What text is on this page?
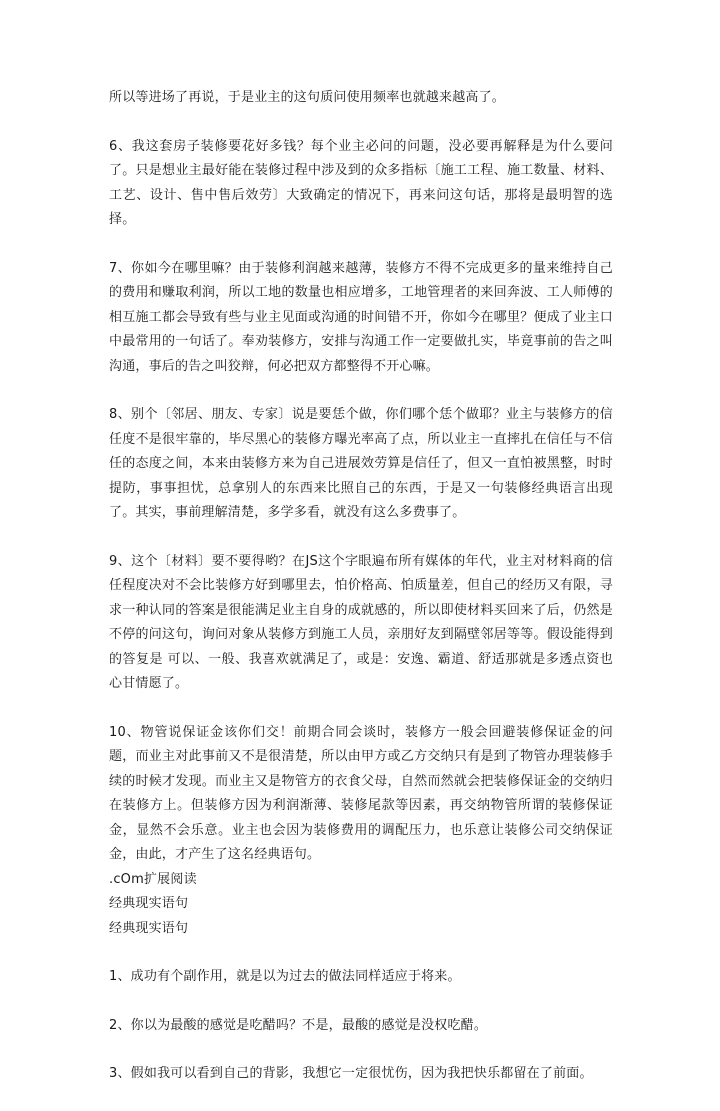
所以等进场了再说，于是业主的这句质问使用频率也就越来越高了。

6、我这套房子装修要花好多钱？每个业主必问的问题，没必要再解释是为什么要问了。只是想业主最好能在装修过程中涉及到的众多指标〔施工工程、施工数量、材料、工艺、设计、售中售后效劳〕大致确定的情况下，再来问这句话，那将是最明智的选择。

7、你如今在哪里嘛？由于装修利润越来越薄，装修方不得不完成更多的量来维持自己的费用和赚取利润，所以工地的数量也相应增多，工地管理者的来回奔波、工人师傅的相互施工都会导致有些与业主见面或沟通的时间错不开，你如今在哪里？便成了业主口中最常用的一句话了。奉劝装修方，安排与沟通工作一定要做扎实，毕竟事前的告之叫沟通，事后的告之叫狡辩，何必把双方都整得不开心嘛。

8、别个〔邻居、朋友、专家〕说是要恁个做，你们哪个恁个做耶？业主与装修方的信任度不是很牢靠的，毕尽黑心的装修方曝光率高了点，所以业主一直摔扎在信任与不信任的态度之间，本来由装修方来为自己进展效劳算是信任了，但又一直怕被黑整，时时提防，事事担忧，总拿别人的东西来比照自己的东西，于是又一句装修经典语言出现了。其实，事前理解清楚，多学多看，就没有这么多费事了。

9、这个〔材料〕要不要得哟？在JS这个字眼遍布所有媒体的年代，业主对材料商的信任程度决对不会比装修方好到哪里去，怕价格高、怕质量差，但自己的经历又有限，寻求一种认同的答案是很能满足业主自身的成就感的，所以即使材料买回来了后，仍然是不停的问这句，询问对象从装修方到施工人员，亲朋好友到隔壁邻居等等。假设能得到的答复是 可以、一般、我喜欢就满足了，或是：安逸、霸道、舒适那就是多透点资也心甘情愿了。

10、物管说保证金该你们交！前期合同会谈时，装修方一般会回避装修保证金的问题，而业主对此事前又不是很清楚，所以由甲方或乙方交纳只有是到了物管办理装修手续的时候才发现。而业主又是物管方的衣食父母，自然而然就会把装修保证金的交纳归在装修方上。但装修方因为利润渐薄、装修尾款等因素，再交纳物管所谓的装修保证金，显然不会乐意。业主也会因为装修费用的调配压力，也乐意让装修公司交纳保证金，由此，才产生了这名经典语句。

.cOm扩展阅读

经典现实语句

经典现实语句

1、成功有个副作用，就是以为过去的做法同样适应于将来。

2、你以为最酸的感觉是吃醋吗？不是，最酸的感觉是没权吃醋。

3、假如我可以看到自己的背影，我想它一定很忧伤，因为我把快乐都留在了前面。
